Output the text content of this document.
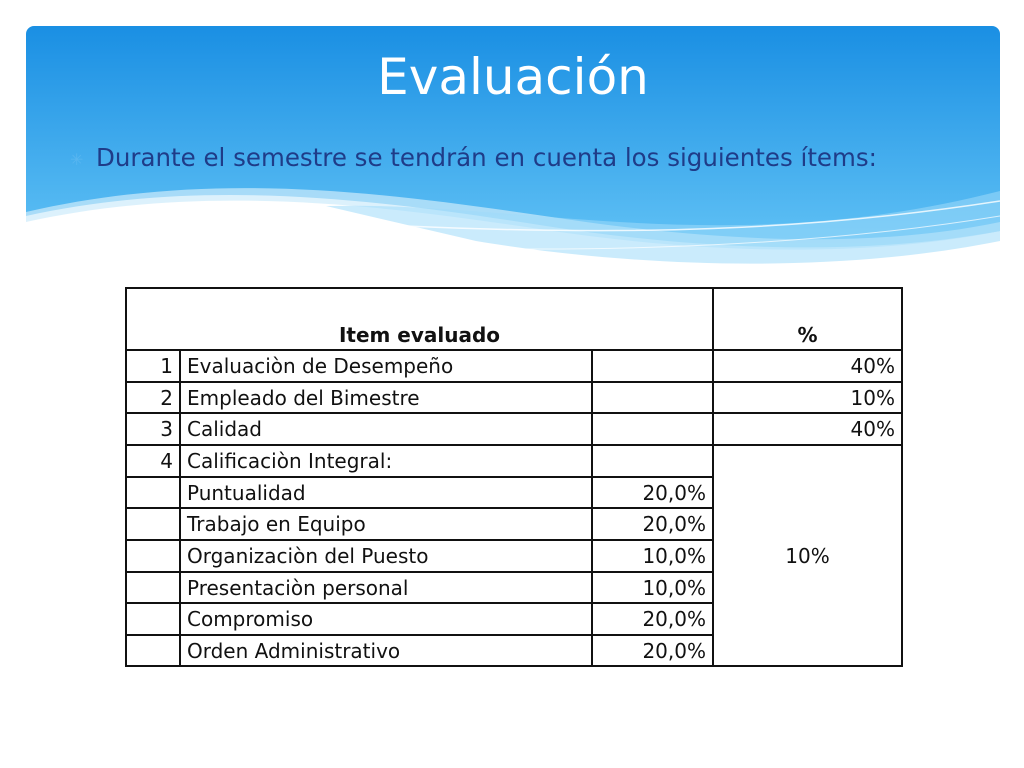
Evaluación
✳ Durante el semestre se tendrán en cuenta los siguientes ítems:
Item evaluado			%
1	Evaluaciòn de Desempeño		40%
2	Empleado del Bimestre		10%
3	Calidad		40%
4	Calificaciòn Integral:		10%
	Puntualidad	20,0%	
	Trabajo en Equipo	20,0%	
	Organizaciòn del Puesto	10,0%	
	Presentaciòn personal	10,0%	
	Compromiso	20,0%	
	Orden Administrativo	20,0%	
